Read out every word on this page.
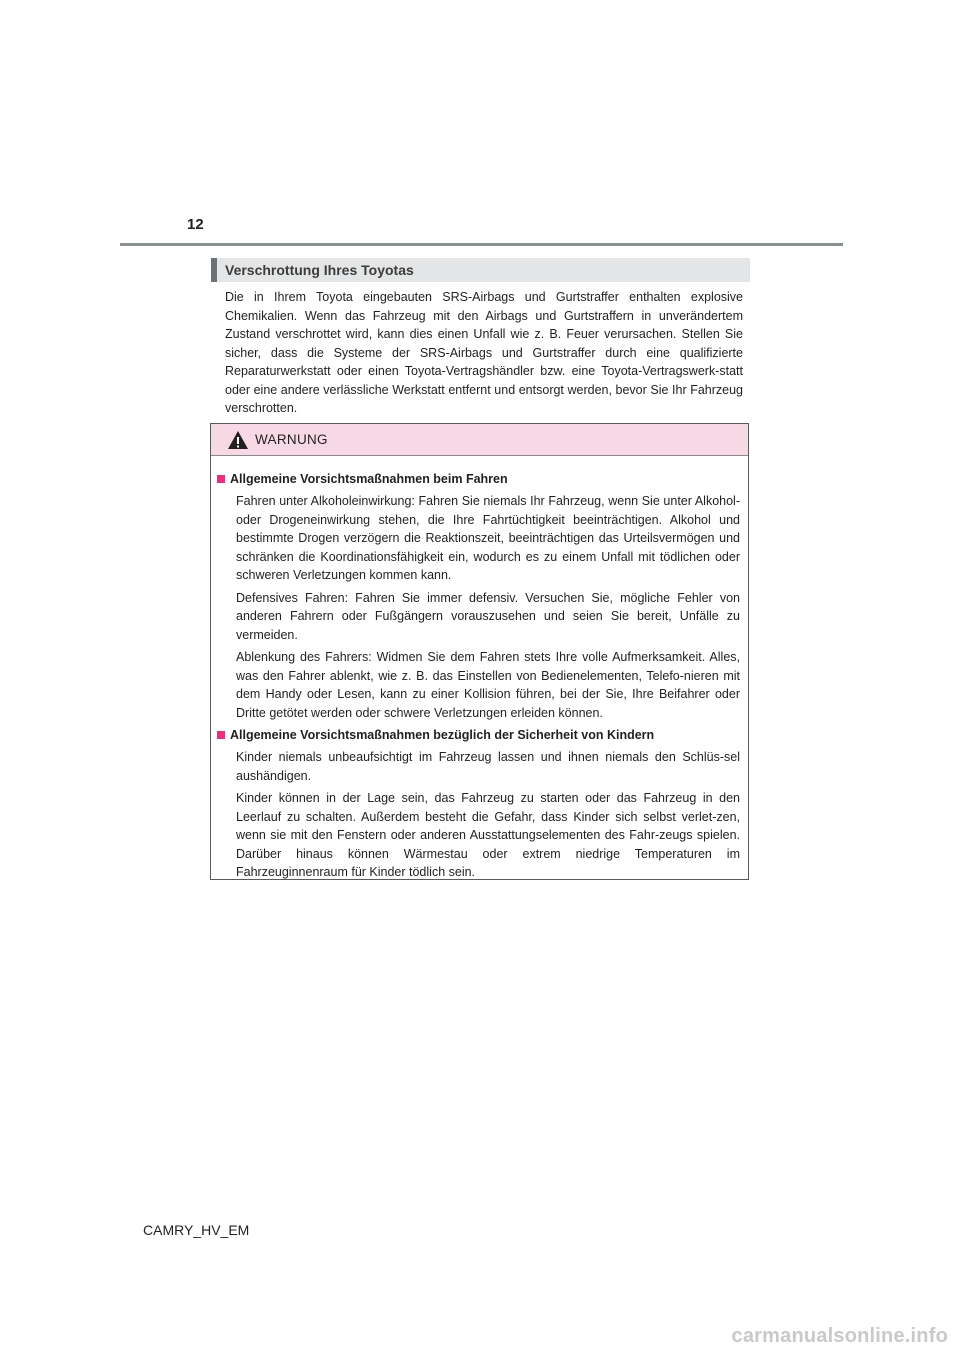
12
Verschrottung Ihres Toyotas

Die in Ihrem Toyota eingebauten SRS-Airbags und Gurtstraffer enthalten explosive Chemikalien. Wenn das Fahrzeug mit den Airbags und Gurtstraffern in unverändertem Zustand verschrottet wird, kann dies einen Unfall wie z. B. Feuer verursachen. Stellen Sie sicher, dass die Systeme der SRS-Airbags und Gurtstraffer durch eine qualifizierte Reparaturwerkstatt oder einen Toyota-Vertragshändler bzw. eine Toyota-Vertragswerk-statt oder eine andere verlässliche Werkstatt entfernt und entsorgt werden, bevor Sie Ihr Fahrzeug verschrotten.

WARNUNG
Allgemeine Vorsichtsmaßnahmen beim Fahren

Fahren unter Alkoholeinwirkung: Fahren Sie niemals Ihr Fahrzeug, wenn Sie unter Alkohol- oder Drogeneinwirkung stehen, die Ihre Fahrtüchtigkeit beeinträchtigen. Alkohol und bestimmte Drogen verzögern die Reaktionszeit, beeinträchtigen das Urteilsvermögen und schränken die Koordinationsfähigkeit ein, wodurch es zu einem Unfall mit tödlichen oder schweren Verletzungen kommen kann.

Defensives Fahren: Fahren Sie immer defensiv. Versuchen Sie, mögliche Fehler von anderen Fahrern oder Fußgängern vorauszusehen und seien Sie bereit, Unfälle zu vermeiden.

Ablenkung des Fahrers: Widmen Sie dem Fahren stets Ihre volle Aufmerksamkeit. Alles, was den Fahrer ablenkt, wie z. B. das Einstellen von Bedienelementen, Telefo-nieren mit dem Handy oder Lesen, kann zu einer Kollision führen, bei der Sie, Ihre Beifahrer oder Dritte getötet werden oder schwere Verletzungen erleiden können.

Allgemeine Vorsichtsmaßnahmen bezüglich der Sicherheit von Kindern

Kinder niemals unbeaufsichtigt im Fahrzeug lassen und ihnen niemals den Schlüs-sel aushändigen.

Kinder können in der Lage sein, das Fahrzeug zu starten oder das Fahrzeug in den Leerlauf zu schalten. Außerdem besteht die Gefahr, dass Kinder sich selbst verlet-zen, wenn sie mit den Fenstern oder anderen Ausstattungselementen des Fahr-zeugs spielen. Darüber hinaus können Wärmestau oder extrem niedrige Temperaturen im Fahrzeuginnenraum für Kinder tödlich sein.

CAMRY_HV_EM
carmanualsonline.info
